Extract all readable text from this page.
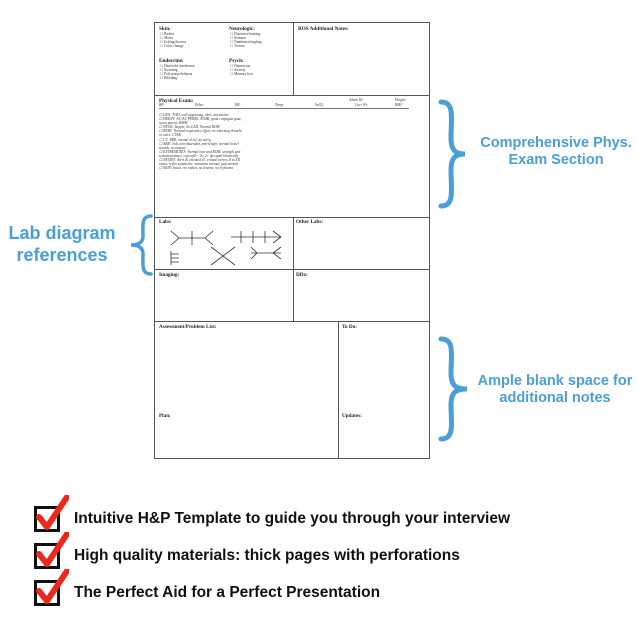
Skin:
☐ Rashes
☐ Moles
☐ Itching/dryness
☐ Color change
Neurologic:
☐ Dizziness/fainting
☐ Seizures
☐ Numbness/tingling
☐ Tremor
ROS Additional Notes:
Endocrine:
☐ Heat/cold intolerance
☐ Sweating
☐ Polyuria/polydipsia
☐ Bleeding
Psych:
☐ Depression
☐ Anxiety
☐ Memory loss
Physical Exam:	Admit Wt:	Height:
BP:	Pulse:	RR:	Temp:	SaO2:	Curr Wt:	BMI:
☐ GEN: NAD, well appearing, alert, interactive
☐ HEENT: NC/AT, PERRL, EOMI, good conjugate gaze,
nares patent, MMM
☐ NECK: Supple, No LAD, Normal ROM
☐ RESP: Normal respiratory effort, no wheezing rhonchi
or rales, CTAB
☐ CV: RRR, normal s1/s2, no m/r/g
☐ ABD: Soft, non-distended, non-tender, normal bowel
sounds, no masses
☐ EXTREMITIES: Normal tone and ROM, strength and
sensation intact, cap refill <2s, 2+ dp equal bilaterally
☐ NEURO: Alert & oriented x3, cranial nerves II to XII
intact, reflex symmetric, sensation normal, gait normal
☐ SKIN: Intact, no rashes, no lesions, no erythema
Labs:	Other Labs:
Imaging:	DDx:
Assessment/Problem List:	To Do:
Plan:	Updates:
Comprehensive Phys. Exam Section
Lab diagram references
Ample blank space for additional notes
Intuitive H&P Template to guide you through your interview
High quality materials: thick pages with perforations
The Perfect Aid for a Perfect Presentation
